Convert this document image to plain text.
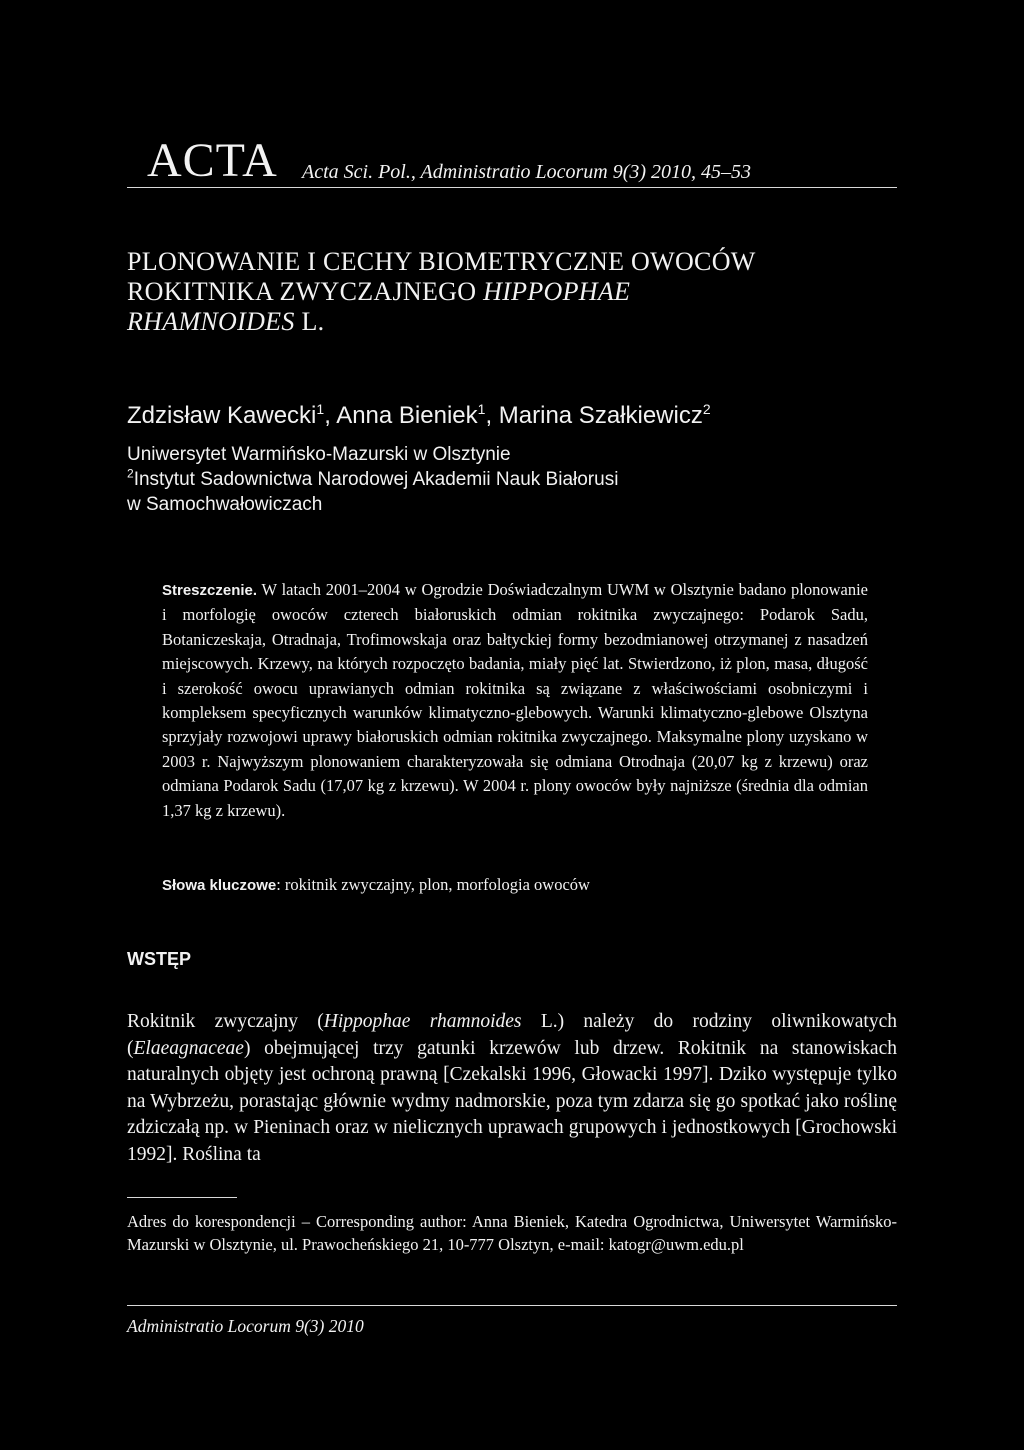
ACTA Acta Sci. Pol., Administratio Locorum 9(3) 2010, 45–53
PLONOWANIE I CECHY BIOMETRYCZNE OWOCÓW
ROKITNIKA ZWYCZAJNEGO HIPPOPHAE
RHAMNOIDES L.
Zdzisław Kawecki$^1$, Anna Bieniek$^1$, Marina Szałkiewicz$^2$
Uniwersytet Warmińsko-Mazurski w Olsztynie
$^2$Instytut Sadownictwa Narodowej Akademii Nauk Białorusi
w Samochwałowiczach
Streszczenie. W latach 2001–2004 w Ogrodzie Doświadczalnym UWM w Olsztynie badano plonowanie i morfologię owoców czterech białoruskich odmian rokitnika zwyczajnego: Podarok Sadu, Botaniczeskaja, Otradnaja, Trofimowskaja oraz bałtyckiej formy bezodmianowej otrzymanej z nasadzeń miejscowych. Krzewy, na których rozpoczęto badania, miały pięć lat. Stwierdzono, iż plon, masa, długość i szerokość owocu uprawianych odmian rokitnika są związane z właściwościami osobniczymi i kompleksem specyficznych warunków klimatyczno-glebowych. Warunki klimatyczno-glebowe Olsztyna sprzyjały rozwojowi uprawy białoruskich odmian rokitnika zwyczajnego. Maksymalne plony uzyskano w 2003 r. Najwyższym plonowaniem charakteryzowała się odmiana Otrodnaja (20,07 kg z krzewu) oraz odmiana Podarok Sadu (17,07 kg z krzewu). W 2004 r. plony owoców były najniższe (średnia dla odmian 1,37 kg z krzewu).
Słowa kluczowe: rokitnik zwyczajny, plon, morfologia owoców
WSTĘP
Rokitnik zwyczajny (Hippophae rhamnoides L.) należy do rodziny oliwnikowatych (Elaeagnaceae) obejmującej trzy gatunki krzewów lub drzew. Rokitnik na stanowiskach naturalnych objęty jest ochroną prawną [Czekalski 1996, Głowacki 1997]. Dziko występuje tylko na Wybrzeżu, porastając głównie wydmy nadmorskie, poza tym zdarza się go spotkać jako roślinę zdziczałą np. w Pieninach oraz w nielicznych uprawach grupowych i jednostkowych [Grochowski 1992]. Roślina ta
Adres do korespondencji – Corresponding author: Anna Bieniek, Katedra Ogrodnictwa, Uniwersytet Warmińsko-Mazurski w Olsztynie, ul. Prawocheńskiego 21, 10-777 Olsztyn, e-mail: katogr@uwm.edu.pl
Administratio Locorum 9(3) 2010
